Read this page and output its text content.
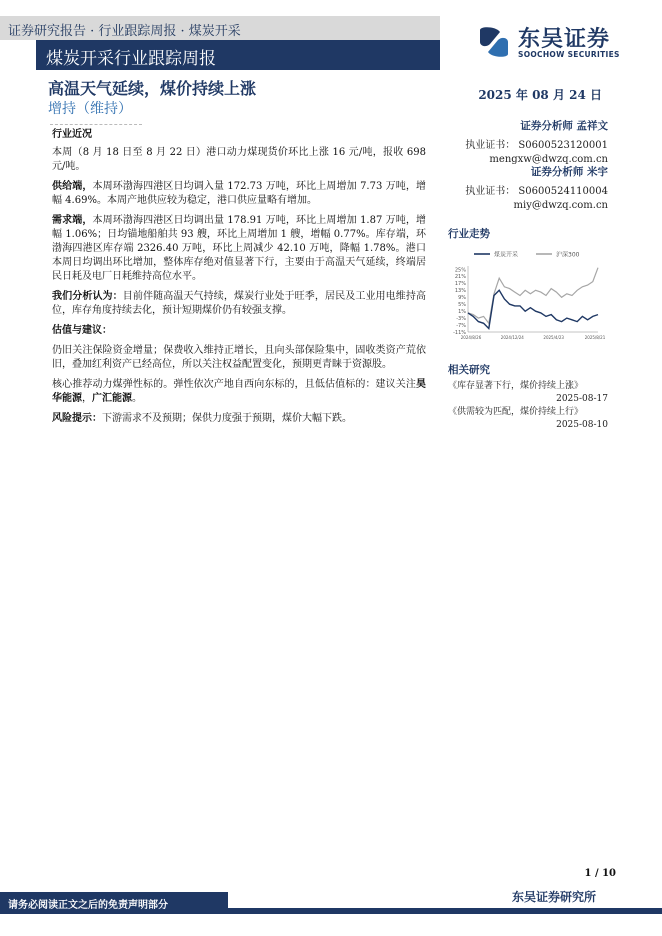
证券研究报告 · 行业跟踪周报 · 煤炭开采
煤炭开采行业跟踪周报
东吴证券
SOOCHOW SECURITIES
高温天气延续，煤价持续上涨
增持（维持）
2025 年 08 月 24 日
证券分析师 孟祥文
执业证书： S0600523120001
mengxw@dwzq.com.cn
证券分析师 米宇
执业证书： S0600524110004
miy@dwzq.com.cn
行业走势
煤炭开采	沪深300
25%
21%
17%
13%
9%
5%
1%
-3%
-7%
-11%
2024/8/26	2024/12/24	2025/4/23	2025/8/21
相关研究
《库存显著下行，煤价持续上涨》
2025-08-17
《供需较为匹配，煤价持续上行》
2025-08-10

行业近况

本周（8 月 18 日至 8 月 22 日）港口动力煤现货价环比上涨 16 元/吨，报收 698 元/吨。

供给端，本周环渤海四港区日均调入量 172.73 万吨，环比上周增加 7.73 万吨，增幅 4.69%。本周产地供应较为稳定，港口供应量略有增加。

需求端，本周环渤海四港区日均调出量 178.91 万吨，环比上周增加 1.87 万吨，增幅 1.06%；日均锚地船舶共 93 艘，环比上周增加 1 艘，增幅 0.77%。库存端，环渤海四港区库存端 2326.40 万吨，环比上周减少 42.10 万吨，降幅 1.78%。港口本周日均调出环比增加，整体库存绝对值显著下行，主要由于高温天气延续，终端居民日耗及电厂日耗维持高位水平。

我们分析认为：目前伴随高温天气持续，煤炭行业处于旺季，居民及工业用电维持高位，库存角度持续去化，预计短期煤价仍有较强支撑。

估值与建议：

仍旧关注保险资金增量；保费收入维持正增长，且向头部保险集中，固收类资产荒依旧，叠加红利资产已经高位，所以关注权益配置变化，预期更青睐于资源股。

核心推荐动力煤弹性标的。弹性依次产地自西向东标的，且低估值标的：建议关注昊华能源，广汇能源。

风险提示：下游需求不及预期；保供力度强于预期，煤价大幅下跌。

1 / 10
请务必阅读正文之后的免责声明部分
东吴证券研究所
